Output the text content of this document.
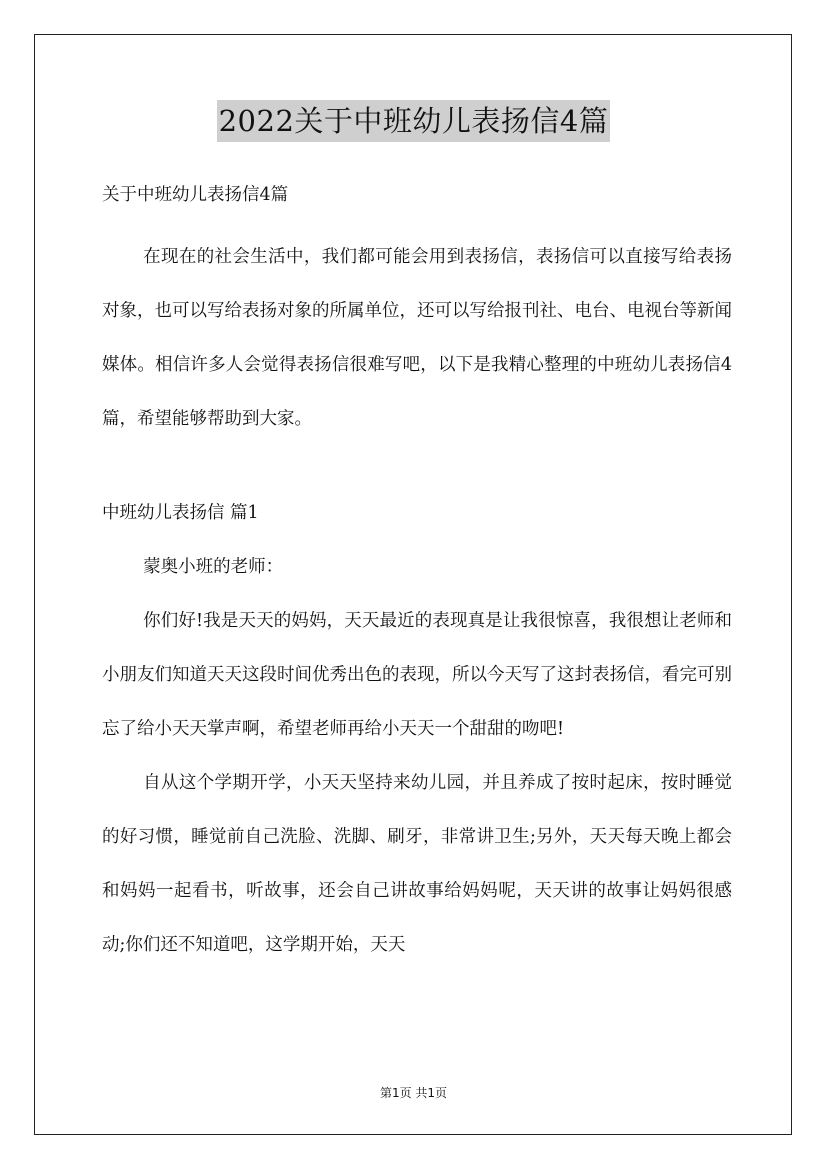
2022关于中班幼儿表扬信4篇
关于中班幼儿表扬信4篇
在现在的社会生活中，我们都可能会用到表扬信，表扬信可以直接写给表扬对象，也可以写给表扬对象的所属单位，还可以写给报刊社、电台、电视台等新闻媒体。相信许多人会觉得表扬信很难写吧，以下是我精心整理的中班幼儿表扬信4篇，希望能够帮助到大家。
中班幼儿表扬信 篇1
蒙奥小班的老师：
你们好!我是天天的妈妈，天天最近的表现真是让我很惊喜，我很想让老师和小朋友们知道天天这段时间优秀出色的表现，所以今天写了这封表扬信，看完可别忘了给小天天掌声啊，希望老师再给小天天一个甜甜的吻吧!
自从这个学期开学，小天天坚持来幼儿园，并且养成了按时起床，按时睡觉的好习惯，睡觉前自己洗脸、洗脚、刷牙，非常讲卫生;另外，天天每天晚上都会和妈妈一起看书，听故事，还会自己讲故事给妈妈呢，天天讲的故事让妈妈很感动;你们还不知道吧，这学期开始，天天
第1页 共1页
